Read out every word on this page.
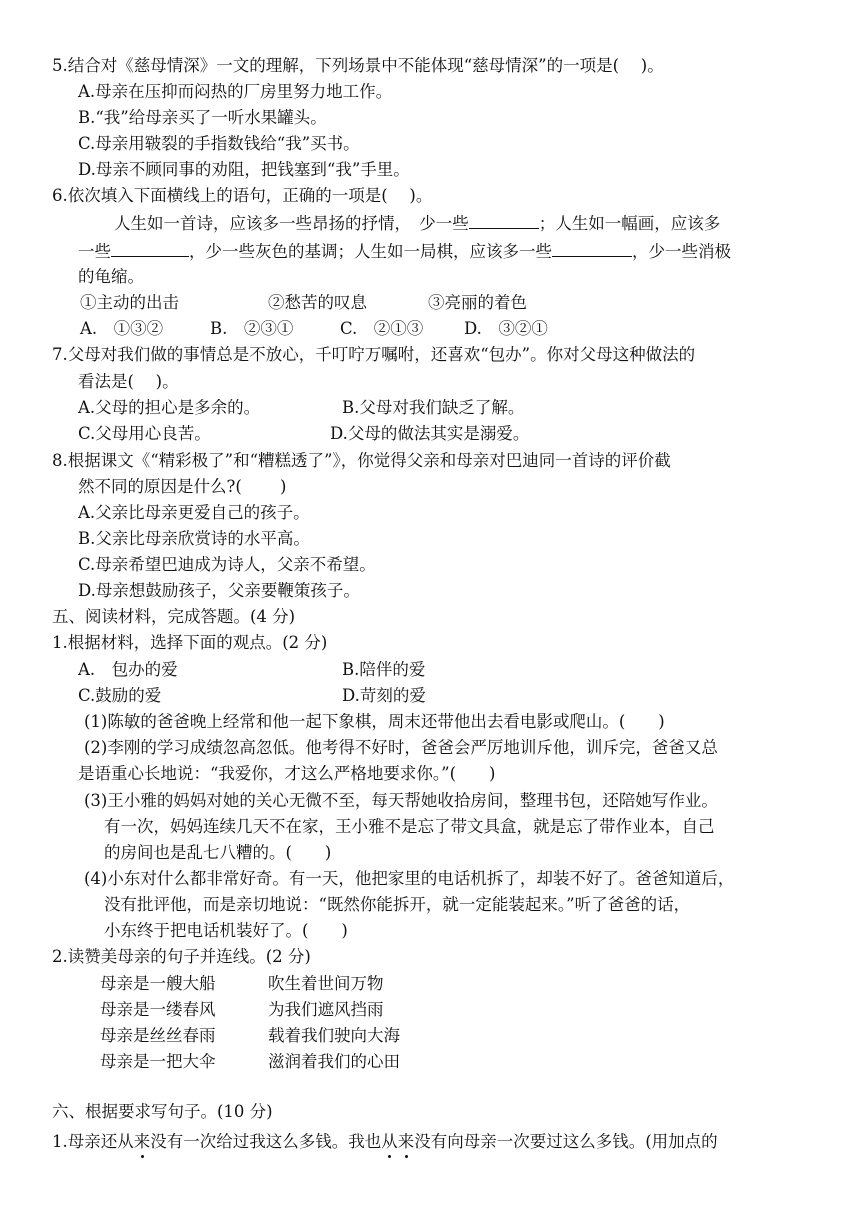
5.结合对《慈母情深》一文的理解，下列场景中不能体现“慈母情深”的一项是(　 )。
A.母亲在压抑而闷热的厂房里努力地工作。
B.“我”给母亲买了一听水果罐头。
C.母亲用皲裂的手指数钱给“我”买书。
D.母亲不顾同事的劝阻，把钱塞到“我”手里。
6.依次填入下面横线上的语句，正确的一项是(　 )。
人生如一首诗，应该多一些昂扬的抒情，　少一些	；人生如一幅画，应该多
一些	，少一些灰色的基调；人生如一局棋，应该多一些	，少一些消极
的龟缩。
①主动的出击	②愁苦的叹息	③亮丽的着色
A.　①③②	B.　②③①	C.　②①③ D.　③②①
7.父母对我们做的事情总是不放心，千叮咛万嘱咐，还喜欢“包办”。你对父母这种做法的
看法是(　 )。
A.父母的担心是多余的。	B.父母对我们缺乏了解。
C.父母用心良苦。	D.父母的做法其实是溺爱。
8.根据课文《“精彩极了”和“糟糕透了”》，你觉得父亲和母亲对巴迪同一首诗的评价截
然不同的原因是什么?(　　 )
A.父亲比母亲更爱自己的孩子。
B.父亲比母亲欣赏诗的水平高。
C.母亲希望巴迪成为诗人，父亲不希望。
D.母亲想鼓励孩子，父亲要鞭策孩子。
五、阅读材料，完成答题。(4 分)
1.根据材料，选择下面的观点。(2 分)
A.　包办的爱	B.陪伴的爱
C.鼓励的爱	D.苛刻的爱
(1)陈敏的爸爸晚上经常和他一起下象棋，周末还带他出去看电影或爬山。(　　)
(2)李刚的学习成绩忽高忽低。他考得不好时，爸爸会严厉地训斥他，训斥完，爸爸又总
是语重心长地说：“我爱你，才这么严格地要求你。”(　　)
(3)王小雅的妈妈对她的关心无微不至，每天帮她收拾房间，整理书包，还陪她写作业。
有一次，妈妈连续几天不在家，王小雅不是忘了带文具盒，就是忘了带作业本，自己
的房间也是乱七八糟的。(　　)
(4)小东对什么都非常好奇。有一天，他把家里的电话机拆了，却装不好了。爸爸知道后，
没有批评他，而是亲切地说：“既然你能拆开，就一定能装起来。”听了爸爸的话，
小东终于把电话机装好了。(　　)
2.读赞美母亲的句子并连线。(2 分)
母亲是一艘大船	吹生着世间万物
母亲是一缕春风	为我们遮风挡雨
母亲是丝丝春雨	载着我们驶向大海
母亲是一把大伞	滋润着我们的心田
六、根据要求写句子。(10 分)
1.母亲还从来没有一次给过我这么多钱。我也从来没有向母亲一次要过这么多钱。(用加点的
